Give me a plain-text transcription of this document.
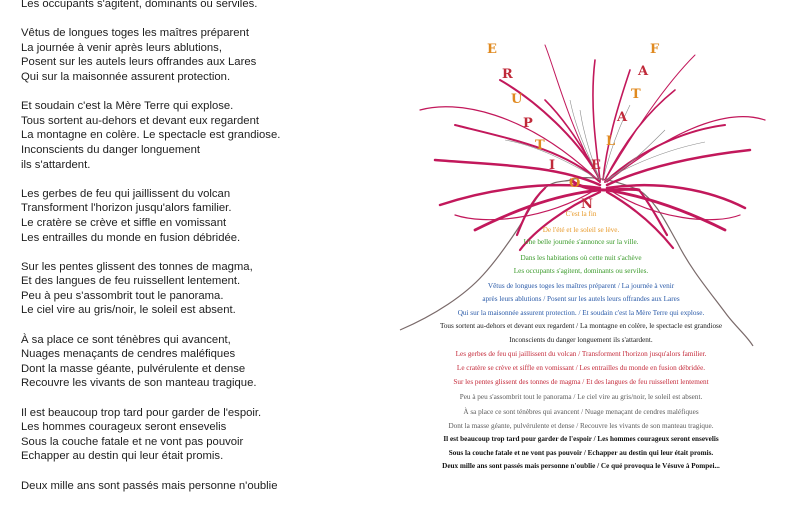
Les occupants s'agitent, dominants ou serviles.
Vêtus de longues toges les maîtres préparent
La journée à venir après leurs ablutions,
Posent sur les autels leurs offrandes aux Lares
Qui sur la maisonnée assurent protection.
Et soudain c'est la Mère Terre qui explose.
Tous sortent au-dehors et devant eux regardent
La montagne en colère. Le spectacle est grandiose.
Inconscients du danger longuement
ils s'attardent.
Les gerbes de feu qui jaillissent du volcan
Transforment l'horizon jusqu'alors familier.
Le cratère se crève et siffle en vomissant
Les entrailles du monde en fusion débridée.
Sur les pentes glissent des tonnes de magma,
Et des langues de feu ruissellent lentement.
Peu à peu s'assombrit tout le panorama.
Le ciel vire au gris/noir, le soleil est absent.
À sa place ce sont ténèbres qui avancent,
Nuages menaçants de cendres maléfiques
Dont la masse géante, pulvérulente et dense
Recouvre les vivants de son manteau tragique.
Il est beaucoup trop tard pour garder de l'espoir.
Les hommes courageux seront ensevelis
Sous la couche fatale et ne vont pas pouvoir
Echapper au destin qui leur était promis.
Deux mille ans sont passés mais personne n'oublie
E
R
U
P
T
I
O
N
F
A
T
A
L
E
C'est la fin
De l'été et le soleil se lève.
Une belle journée s'annonce sur la ville.
Dans les habitations où cette nuit s'achève
Les occupants s'agitent, dominants ou serviles.
Vêtus de longues toges les maîtres préparent / La journée à venir
après leurs ablutions / Posent sur les autels leurs offrandes aux Lares
Qui sur la maisonnée assurent protection. / Et soudain c'est la Mère Terre qui explose.
Tous sortent au-dehors et devant eux regardent / La montagne en colère, le spectacle est grandiose
Inconscients du danger longuement ils s'attardent.
Les gerbes de feu qui jaillissent du volcan / Transforment l'horizon jusqu'alors familier.
Le cratère se crève et siffle en vomissant / Les entrailles du monde en fusion débridée.
Sur les pentes glissent des tonnes de magma / Et des langues de feu ruissellent lentement
Peu à peu s'assombrit tout le panorama / Le ciel vire au gris/noir, le soleil est absent.
À sa place ce sont ténèbres qui avancent / Nuage menaçant de cendres maléfiques
Dont la masse géante, pulvérulente et dense / Recouvre les vivants de son manteau tragique.
Il est beaucoup trop tard pour garder de l'espoir / Les hommes courageux seront ensevelis
Sous la couche fatale et ne vont pas pouvoir / Echapper au destin qui leur était promis.
Deux mille ans sont passés mais personne n'oublie / Ce qué provoqua le Vésuve à Pompei...
